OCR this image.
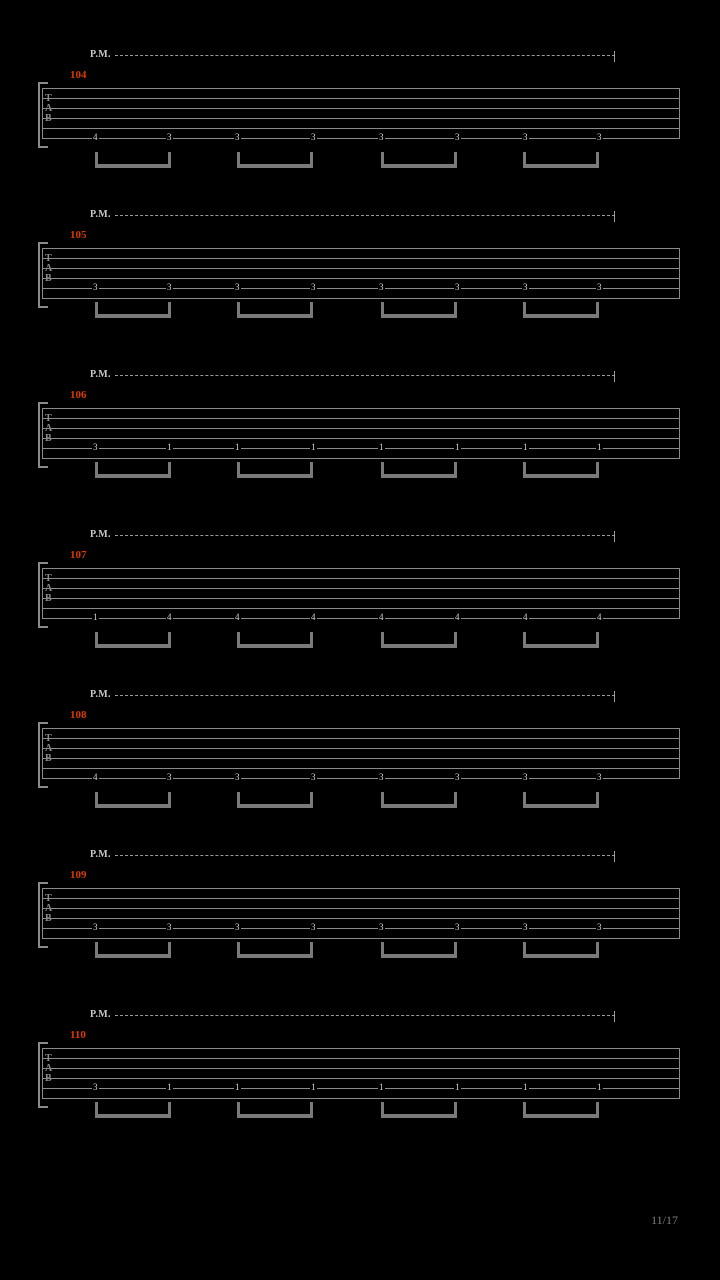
P.M.
104
T
A
B
4	3	3	3	3	3	3	3
P.M.
105
T
A
B
3	3	3	3	3	3	3	3
P.M.
106
T
A
B
3	1	1	1	1	1	1	1
P.M.
107
T
A
B
1	4	4	4	4	4	4	4
P.M.
108
T
A
B
4	3	3	3	3	3	3	3
P.M.
109
T
A
B
3	3	3	3	3	3	3	3
P.M.
110
T
A
B
3	1	1	1	1	1	1	1
11/17
